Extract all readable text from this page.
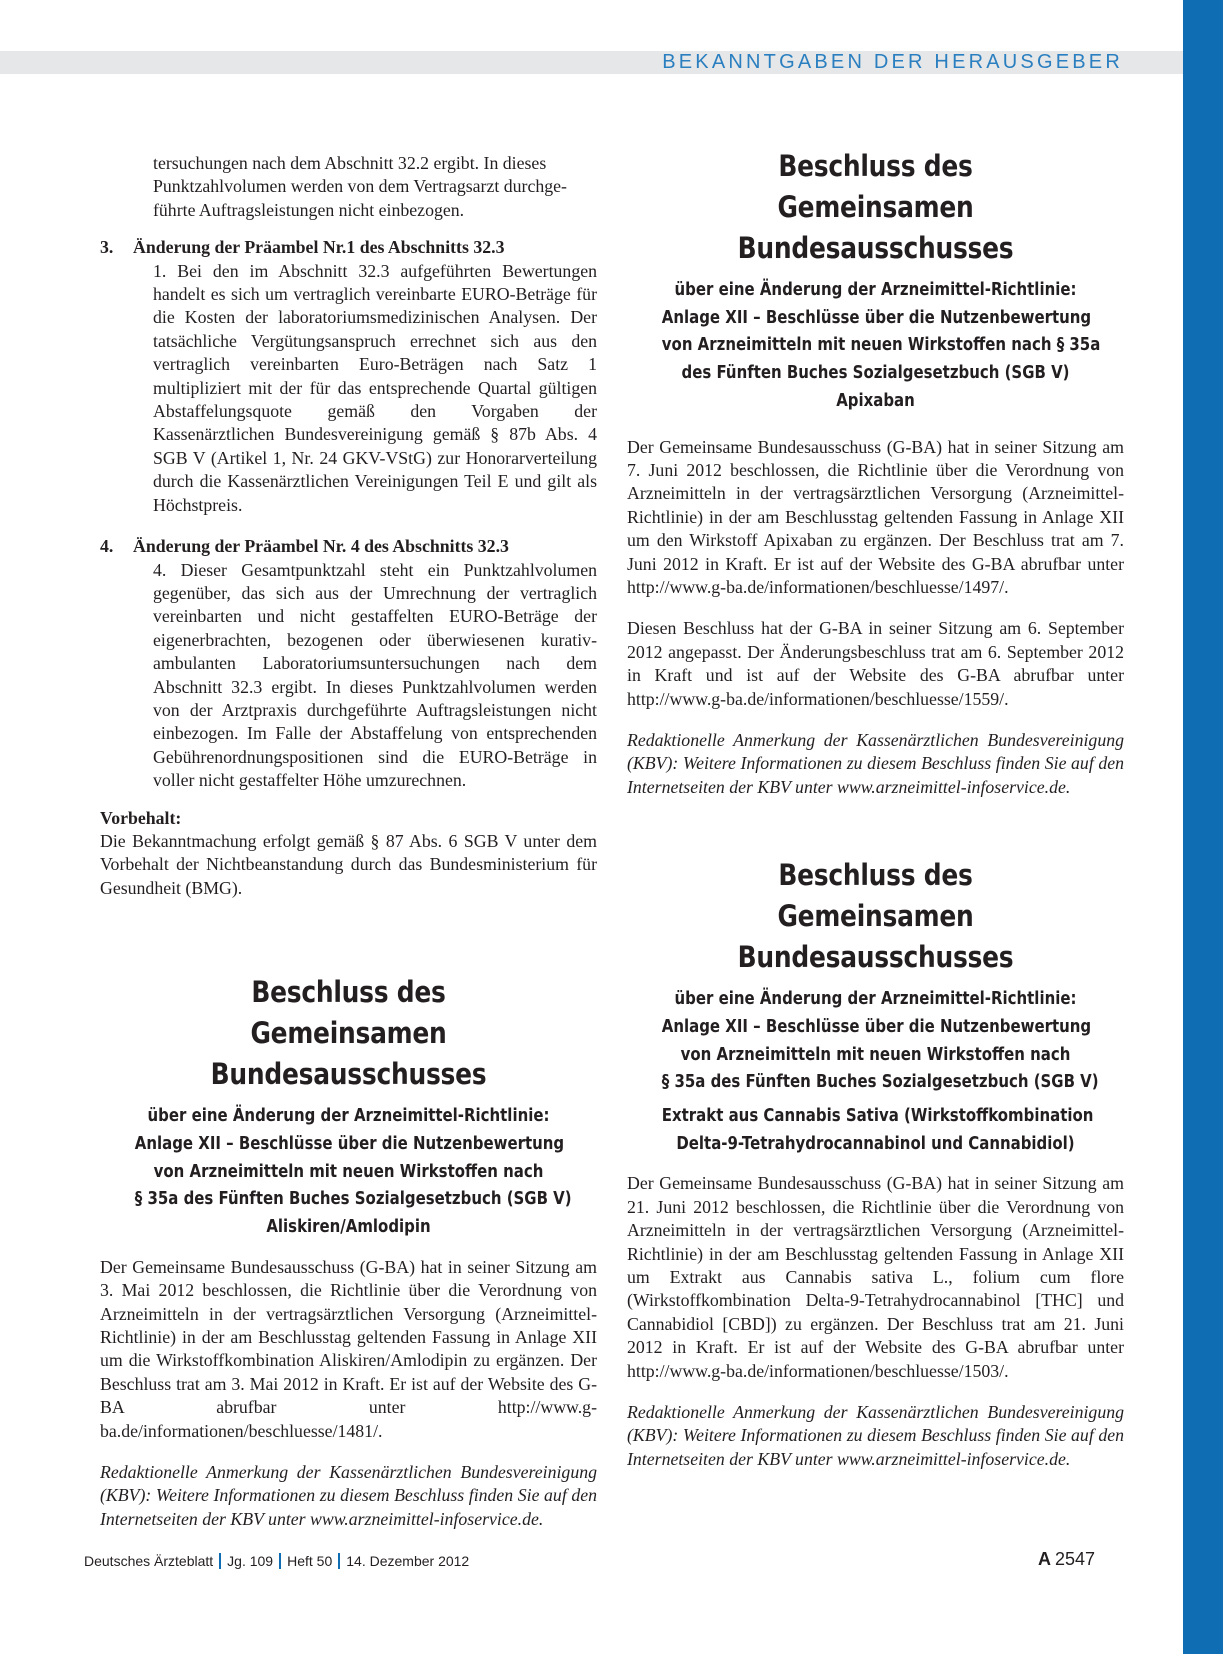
BEKANNTGABEN DER HERAUSGEBER

tersuchungen nach dem Abschnitt 32.2 ergibt. In dieses

Punktzahlvolumen werden von dem Vertragsarzt durchge-

führte Auftragsleistungen nicht einbezogen.

3.	Änderung der Präambel Nr.1 des Abschnitts 32.3

1. Bei den im Abschnitt 32.3 aufgeführten Bewertungen handelt es sich um vertraglich vereinbarte EURO-Beträge für die Kosten der laboratoriumsmedizinischen Analysen. Der tatsächliche Vergütungsanspruch errechnet sich aus den vertraglich vereinbarten Euro-Beträgen nach Satz 1 multipliziert mit der für das entsprechende Quartal gültigen Abstaffelungsquote gemäß den Vorgaben der Kassenärztlichen Bundesvereinigung gemäß § 87b Abs. 4 SGB V (Artikel 1, Nr. 24 GKV-VStG) zur Honorarverteilung durch die Kassenärztlichen Vereinigungen Teil E und gilt als Höchstpreis.

4.	Änderung der Präambel Nr. 4 des Abschnitts 32.3

4. Dieser Gesamtpunktzahl steht ein Punktzahlvolumen gegenüber, das sich aus der Umrechnung der vertraglich vereinbarten und nicht gestaffelten EURO-Beträge der eigenerbrachten, bezogenen oder überwiesenen kurativ-ambulanten Laboratoriumsuntersuchungen nach dem Abschnitt 32.3 ergibt. In dieses Punktzahlvolumen werden von der Arztpraxis durchgeführte Auftragsleistungen nicht einbezogen. Im Falle der Abstaffelung von entsprechenden Gebührenordnungspositionen sind die EURO-Beträge in voller nicht gestaffelter Höhe umzurechnen.

Vorbehalt:

Die Bekanntmachung erfolgt gemäß § 87 Abs. 6 SGB V unter dem Vorbehalt der Nichtbeanstandung durch das Bundesministerium für Gesundheit (BMG).

Beschluss des
Gemeinsamen Bundesausschusses
über eine Änderung der Arzneimittel-Richtlinie:
Anlage XII – Beschlüsse über die Nutzenbewertung
von Arzneimitteln mit neuen Wirkstoffen nach
§ 35a des Fünften Buches Sozialgesetzbuch (SGB V)
Aliskiren/Amlodipin

Der Gemeinsame Bundesausschuss (G-BA) hat in seiner Sitzung am 3. Mai 2012 beschlossen, die Richtlinie über die Verordnung von Arzneimitteln in der vertragsärztlichen Versorgung (Arzneimittel-Richtlinie) in der am Beschlusstag geltenden Fassung in Anlage XII um die Wirkstoffkombination Aliskiren/Amlodipin zu ergänzen. Der Beschluss trat am 3. Mai 2012 in Kraft. Er ist auf der Website des G-BA abrufbar unter http://www.g-ba.de/informationen/beschluesse/1481/.

Redaktionelle Anmerkung der Kassenärztlichen Bundesvereinigung (KBV): Weitere Informationen zu diesem Beschluss finden Sie auf den Internetseiten der KBV unter www.arzneimittel-infoservice.de.

Beschluss des
Gemeinsamen Bundesausschusses
über eine Änderung der Arzneimittel-Richtlinie:
Anlage XII – Beschlüsse über die Nutzenbewertung
von Arzneimitteln mit neuen Wirkstoffen nach § 35a
des Fünften Buches Sozialgesetzbuch (SGB V)
Apixaban

Der Gemeinsame Bundesausschuss (G-BA) hat in seiner Sitzung am 7. Juni 2012 beschlossen, die Richtlinie über die Verordnung von Arzneimitteln in der vertragsärztlichen Versorgung (Arzneimittel-Richtlinie) in der am Beschlusstag geltenden Fassung in Anlage XII um den Wirkstoff Apixaban zu ergänzen. Der Beschluss trat am 7. Juni 2012 in Kraft. Er ist auf der Website des G-BA abrufbar unter http://www.g-ba.de/informationen/beschluesse/1497/.

Diesen Beschluss hat der G-BA in seiner Sitzung am 6. September 2012 angepasst. Der Änderungsbeschluss trat am 6. September 2012 in Kraft und ist auf der Website des G-BA abrufbar unter http://www.g-ba.de/informationen/beschluesse/1559/.

Redaktionelle Anmerkung der Kassenärztlichen Bundesvereinigung (KBV): Weitere Informationen zu diesem Beschluss finden Sie auf den Internetseiten der KBV unter www.arzneimittel-infoservice.de.

Beschluss des
Gemeinsamen Bundesausschusses
über eine Änderung der Arzneimittel-Richtlinie:
Anlage XII – Beschlüsse über die Nutzenbewertung
von Arzneimitteln mit neuen Wirkstoffen nach
§ 35a des Fünften Buches Sozialgesetzbuch (SGB V)
Extrakt aus Cannabis Sativa (Wirkstoffkombination
Delta-9-Tetrahydrocannabinol und Cannabidiol)

Der Gemeinsame Bundesausschuss (G-BA) hat in seiner Sitzung am 21. Juni 2012 beschlossen, die Richtlinie über die Verordnung von Arzneimitteln in der vertragsärztlichen Versorgung (Arzneimittel-Richtlinie) in der am Beschlusstag geltenden Fassung in Anlage XII um Extrakt aus Cannabis sativa L., folium cum flore (Wirkstoffkombination Delta-9-Tetrahydrocannabinol [THC] und Cannabidiol [CBD]) zu ergänzen. Der Beschluss trat am 21. Juni 2012 in Kraft. Er ist auf der Website des G-BA abrufbar unter http://www.g-ba.de/informationen/beschluesse/1503/.

Redaktionelle Anmerkung der Kassenärztlichen Bundesvereinigung (KBV): Weitere Informationen zu diesem Beschluss finden Sie auf den Internetseiten der KBV unter www.arzneimittel-infoservice.de.

Deutsches Ärzteblatt Jg. 109 Heft 50 14. Dezember 2012	A 2547
